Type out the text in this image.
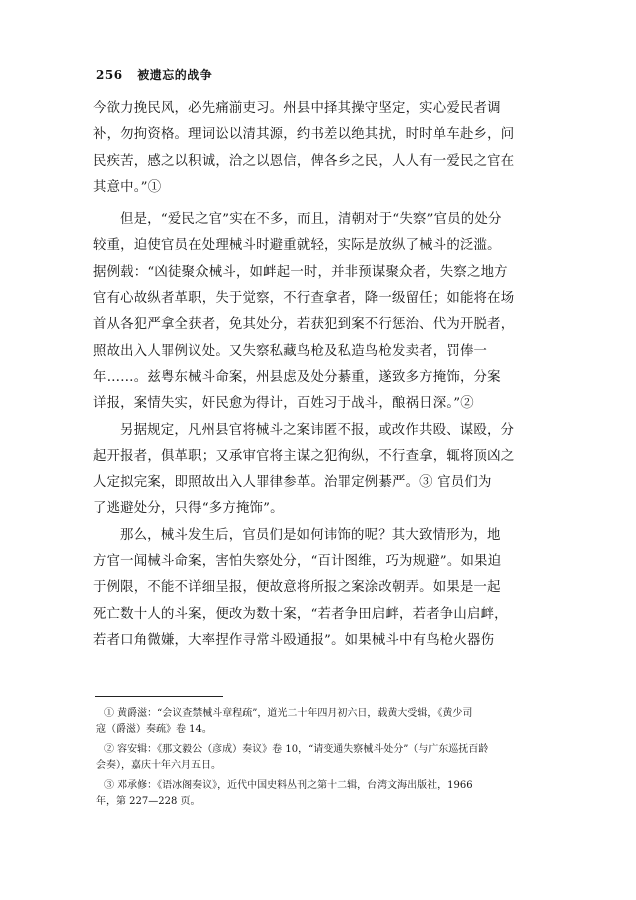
256 被遗忘的战争
今欲力挽民风，必先痛湔吏习。州县中择其操守坚定，实心爱民者调
补，勿拘资格。理词讼以清其源，约书差以绝其扰，时时单车赴乡，问
民疾苦，感之以积诚，洽之以恩信，俾各乡之民，人人有一爱民之官在
其意中。”①
但是，“爱民之官”实在不多，而且，清朝对于“失察”官员的处分
较重，迫使官员在处理械斗时避重就轻，实际是放纵了械斗的泛滥。
据例载：“凶徒聚众械斗，如衅起一时，并非预谋聚众者，失察之地方
官有心故纵者革职，失于觉察，不行查拿者，降一级留任；如能将在场
首从各犯严拿全获者，免其处分，若获犯到案不行惩治、代为开脱者，
照故出入人罪例议处。又失察私藏鸟枪及私造鸟枪发卖者，罚俸一
年……。兹粤东械斗命案，州县虑及处分綦重，遂致多方掩饰，分案
详报，案情失实，奸民愈为得计，百姓习于战斗，酿祸日深。”②
另据规定，凡州县官将械斗之案讳匿不报，或改作共殴、谋殴，分
起开报者，俱革职；又承审官将主谋之犯徇纵，不行查拿，辄将顶凶之
人定拟完案，即照故出入人罪律参革。治罪定例綦严。③ 官员们为
了逃避处分，只得“多方掩饰”。
那么，械斗发生后，官员们是如何讳饰的呢？其大致情形为，地
方官一闻械斗命案，害怕失察处分，“百计图维，巧为规避”。如果迫
于例限，不能不详细呈报，便故意将所报之案涂改朝弄。如果是一起
死亡数十人的斗案，便改为数十案，“若者争田启衅，若者争山启衅，
若者口角微嫌，大率捏作寻常斗殴通报”。如果械斗中有鸟枪火器伤
① 黄爵滋：“会议查禁械斗章程疏”，道光二十年四月初六日，载黄大受辑，《黄少司
寇（爵滋）奏疏》卷 14。
② 容安辑：《那文毅公（彦成）奏议》卷 10，“请变通失察械斗处分”（与广东巡抚百龄
会奏），嘉庆十年六月五日。
③ 邓承修：《语冰阁奏议》，近代中国史料丛刊之第十二辑，台湾文海出版社，1966
年，第 227—228 页。
